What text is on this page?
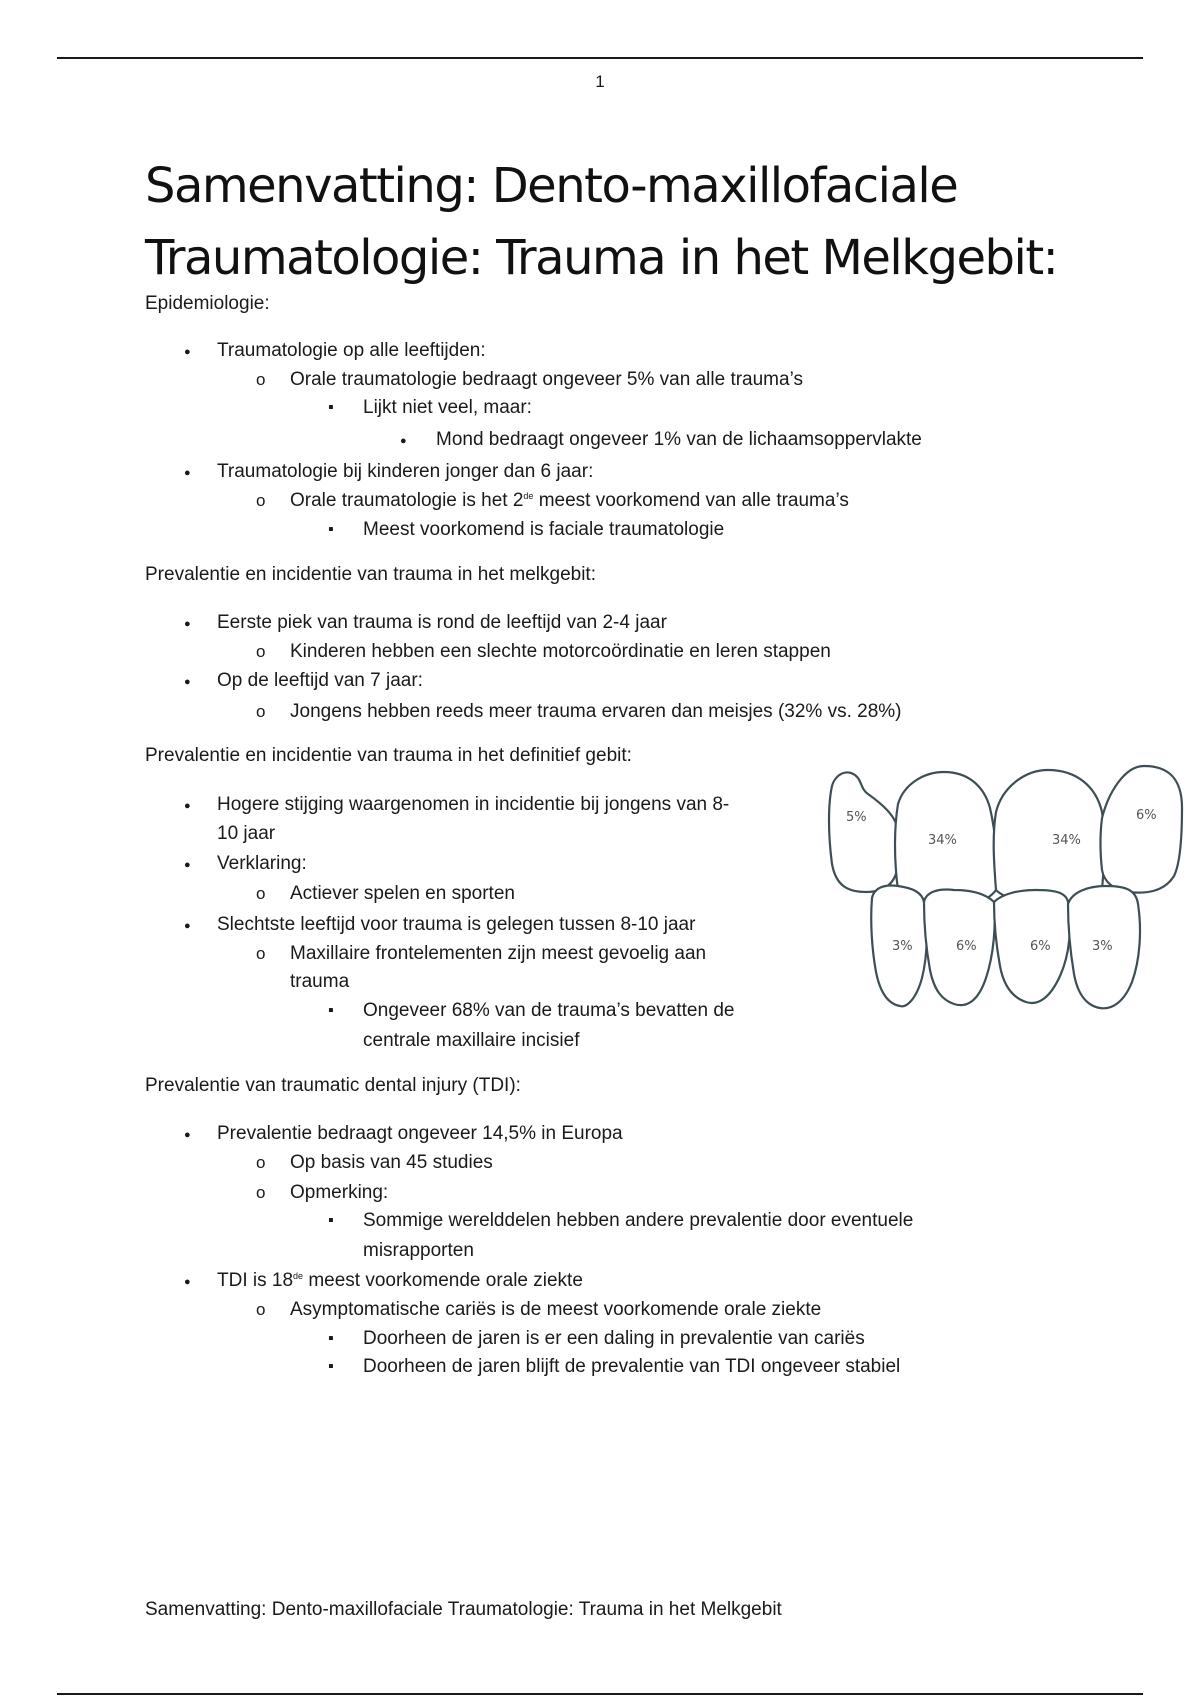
1
Samenvatting: Dento-maxillofaciale
Traumatologie: Trauma in het Melkgebit:
Epidemiologie:
●
Traumatologie op alle leeftijden:
o
Orale traumatologie bedraagt ongeveer 5% van alle trauma’s
▪
Lijkt niet veel, maar:
●
Mond bedraagt ongeveer 1% van de lichaamsoppervlakte
●
Traumatologie bij kinderen jonger dan 6 jaar:
o
Orale traumatologie is het 2de meest voorkomend van alle trauma’s
▪
Meest voorkomend is faciale traumatologie
Prevalentie en incidentie van trauma in het melkgebit:
●
Eerste piek van trauma is rond de leeftijd van 2-4 jaar
o
Kinderen hebben een slechte motorcoördinatie en leren stappen
●
Op de leeftijd van 7 jaar:
o
Jongens hebben reeds meer trauma ervaren dan meisjes (32% vs. 28%)
Prevalentie en incidentie van trauma in het definitief gebit:
●
Hogere stijging waargenomen in incidentie bij jongens van 8-
10 jaar
●
Verklaring:
o
Actiever spelen en sporten
●
Slechtste leeftijd voor trauma is gelegen tussen 8-10 jaar
o
Maxillaire frontelementen zijn meest gevoelig aan
trauma
▪
Ongeveer 68% van de trauma’s bevatten de
centrale maxillaire incisief
5%
34%	34%
6%
3%	6%	6%	3%
Prevalentie van traumatic dental injury (TDI):
●
Prevalentie bedraagt ongeveer 14,5% in Europa
o
Op basis van 45 studies
o
Opmerking:
▪
Sommige werelddelen hebben andere prevalentie door eventuele
misrapporten
●
TDI is 18de meest voorkomende orale ziekte
o
Asymptomatische cariës is de meest voorkomende orale ziekte
▪
Doorheen de jaren is er een daling in prevalentie van cariës
▪
Doorheen de jaren blijft de prevalentie van TDI ongeveer stabiel
Samenvatting: Dento-maxillofaciale Traumatologie: Trauma in het Melkgebit
